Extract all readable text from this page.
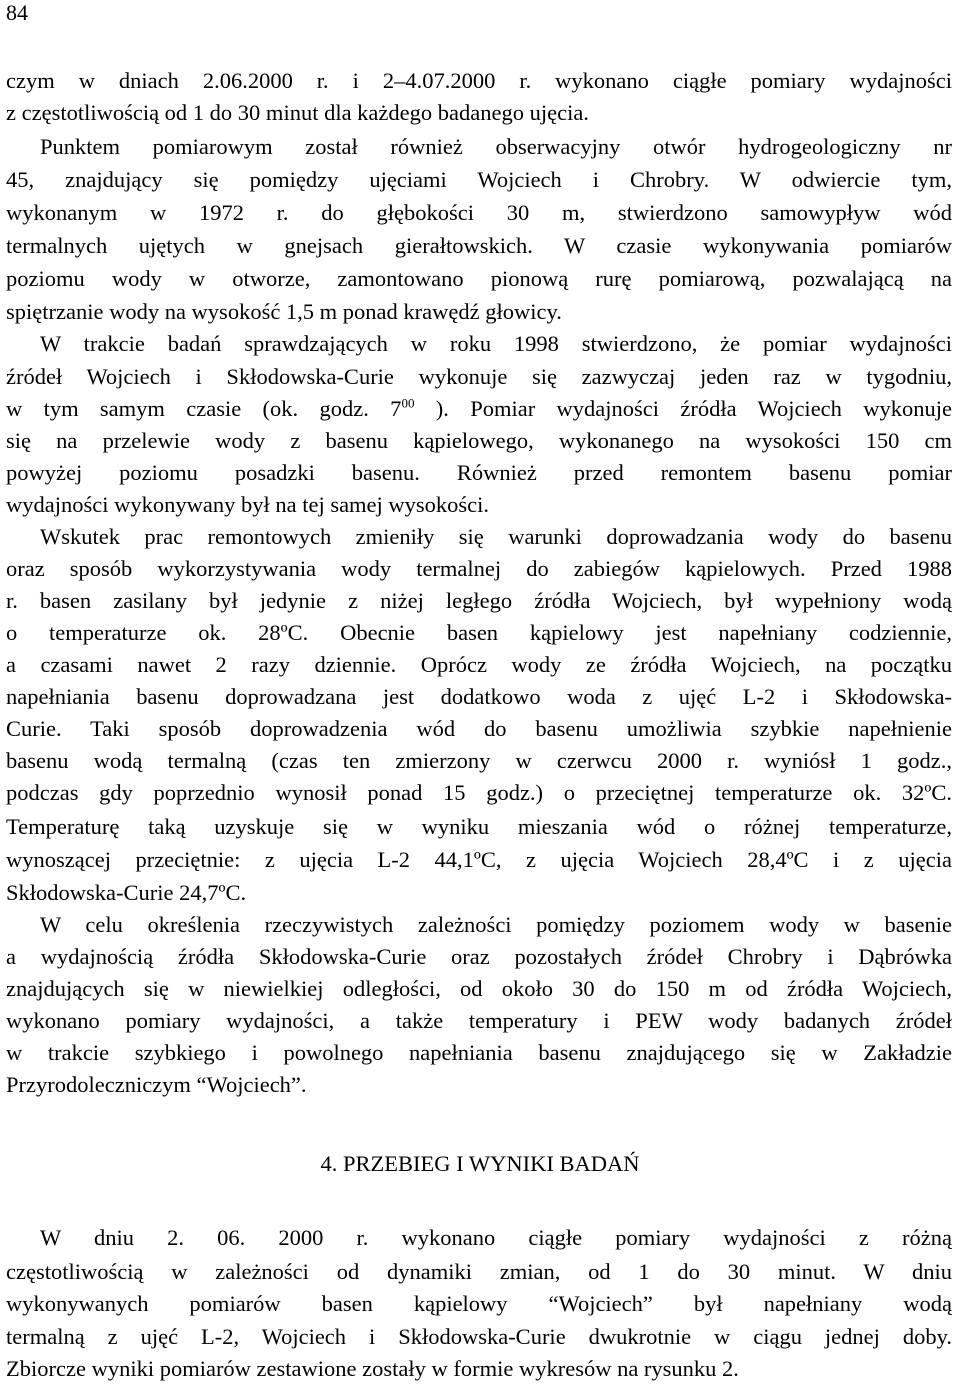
84
czym w dniach 2.06.2000 r. i 2–4.07.2000 r. wykonano ciągłe pomiary wydajności
z częstotliwością od 1 do 30 minut dla każdego badanego ujęcia.
Punktem pomiarowym został również obserwacyjny otwór hydrogeologiczny nr
45, znajdujący się pomiędzy ujęciami Wojciech i Chrobry. W odwiercie tym,
wykonanym w 1972 r. do głębokości 30 m, stwierdzono samowypływ wód
termalnych ujętych w gnejsach gierałtowskich. W czasie wykonywania pomiarów
poziomu wody w otworze, zamontowano pionową rurę pomiarową, pozwalającą na
spiętrzanie wody na wysokość 1,5 m ponad krawędź głowicy.
W trakcie badań sprawdzających w roku 1998 stwierdzono, że pomiar wydajności
źródeł Wojciech i Skłodowska-Curie wykonuje się zazwyczaj jeden raz w tygodniu,
w tym samym czasie (ok. godz. $7^{00}$ ). Pomiar wydajności źródła Wojciech wykonuje
się na przelewie wody z basenu kąpielowego, wykonanego na wysokości 150 cm
powyżej poziomu posadzki basenu. Również przed remontem basenu pomiar
wydajności wykonywany był na tej samej wysokości.
Wskutek prac remontowych zmieniły się warunki doprowadzania wody do basenu
oraz sposób wykorzystywania wody termalnej do zabiegów kąpielowych. Przed 1988
r. basen zasilany był jedynie z niżej ległego źródła Wojciech, był wypełniony wodą
o temperaturze ok. 28ºC. Obecnie basen kąpielowy jest napełniany codziennie,
a czasami nawet 2 razy dziennie. Oprócz wody ze źródła Wojciech, na początku
napełniania basenu doprowadzana jest dodatkowo woda z ujęć L-2 i Skłodowska-
Curie. Taki sposób doprowadzenia wód do basenu umożliwia szybkie napełnienie
basenu wodą termalną (czas ten zmierzony w czerwcu 2000 r. wyniósł 1 godz.,
podczas gdy poprzednio wynosił ponad 15 godz.) o przeciętnej temperaturze ok. 32ºC.
Temperaturę taką uzyskuje się w wyniku mieszania wód o różnej temperaturze,
wynoszącej przeciętnie: z ujęcia L-2 44,1ºC, z ujęcia Wojciech 28,4ºC i z ujęcia
Skłodowska-Curie 24,7ºC.
W celu określenia rzeczywistych zależności pomiędzy poziomem wody w basenie
a wydajnością źródła Skłodowska-Curie oraz pozostałych źródeł Chrobry i Dąbrówka
znajdujących się w niewielkiej odległości, od około 30 do 150 m od źródła Wojciech,
wykonano pomiary wydajności, a także temperatury i PEW wody badanych źródeł
w trakcie szybkiego i powolnego napełniania basenu znajdującego się w Zakładzie
Przyrodoleczniczym “Wojciech”.
4. PRZEBIEG I WYNIKI BADAŃ
W dniu 2. 06. 2000 r. wykonano ciągłe pomiary wydajności z różną
częstotliwością w zależności od dynamiki zmian, od 1 do 30 minut. W dniu
wykonywanych pomiarów basen kąpielowy “Wojciech” był napełniany wodą
termalną z ujęć L-2, Wojciech i Skłodowska-Curie dwukrotnie w ciągu jednej doby.
Zbiorcze wyniki pomiarów zestawione zostały w formie wykresów na rysunku 2.
